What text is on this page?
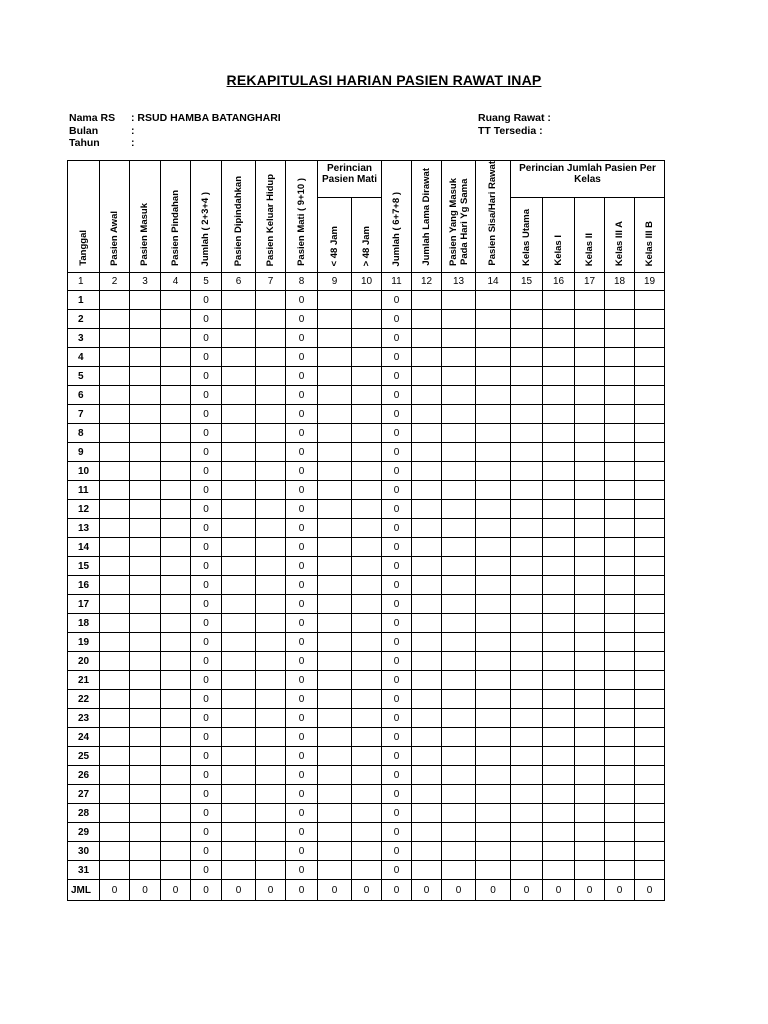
REKAPITULASI HARIAN PASIEN RAWAT INAP
Nama RS	: RSUD HAMBA BATANGHARI
Bulan	:
Tahun	:
Ruang Rawat :
TT Tersedia :
Tanggal	Pasien Awal	Pasien Masuk	Pasien Pindahan	Jumlah ( 2+3+4 )	Pasien Dipindahkan	Pasien Keluar Hidup	Pasien Mati ( 9+10 )	Perincian Pasien Mati		Jumlah ( 6+7+8 )	Jumlah Lama Dirawat	Pasien Yang Masuk
Pada Hari Yg Sama	Pasien Sisa/Hari Rawat	Perincian Jumlah Pasien Per Kelas				

								< 48 Jam	> 48 Jam					Kelas Utama	Kelas I	Kelas II	Kelas III A	Kelas III B

1	2	3	4	5	6	7	8	9	10	11	12	13	14	15	16	17	18	19
1				0			0			0								
2				0			0			0								
3				0			0			0								
4				0			0			0								
5				0			0			0								
6				0			0			0								
7				0			0			0								
8				0			0			0								
9				0			0			0								
10				0			0			0								
11				0			0			0								
12				0			0			0								
13				0			0			0								
14				0			0			0								
15				0			0			0								
16				0			0			0								
17				0			0			0								
18				0			0			0								
19				0			0			0								
20				0			0			0								
21				0			0			0								
22				0			0			0								
23				0			0			0								
24				0			0			0								
25				0			0			0								
26				0			0			0								
27				0			0			0								
28				0			0			0								
29				0			0			0								
30				0			0			0								
31				0			0			0								
JML	0	0	0	0	0	0	0	0	0	0	0	0	0	0	0	0	0	0
